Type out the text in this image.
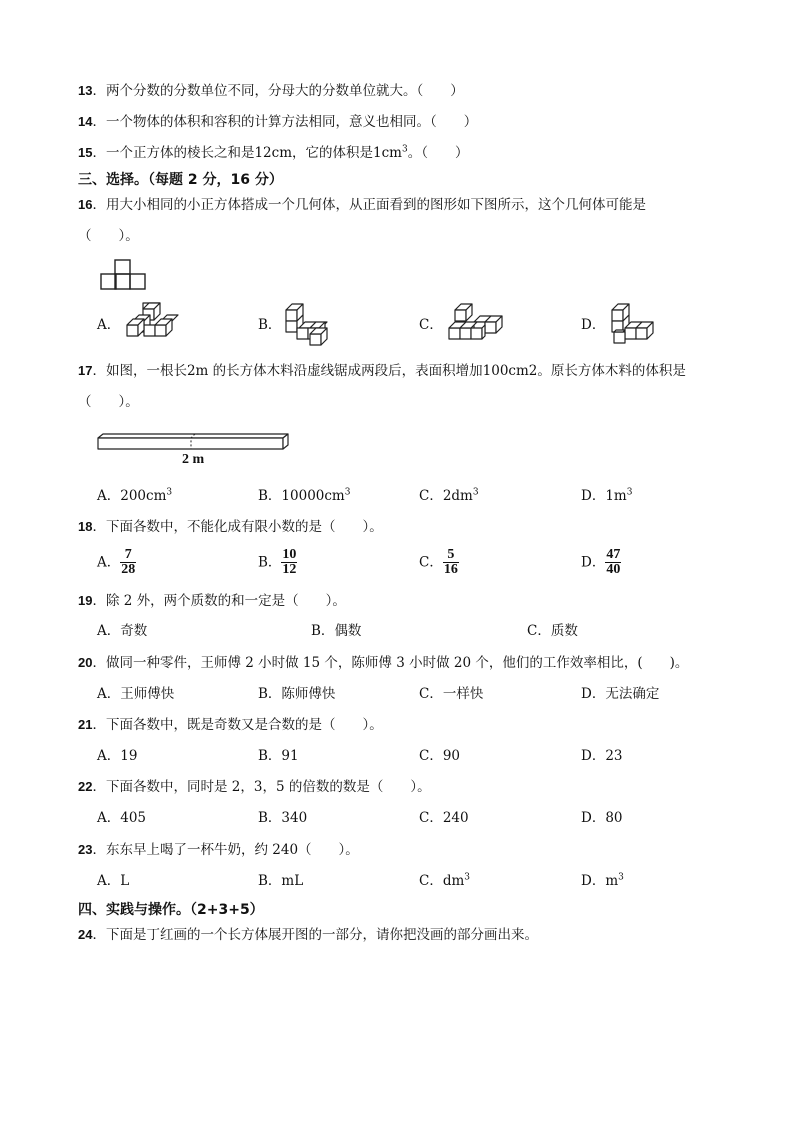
13．两个分数的分数单位不同，分母大的分数单位就大。（　　）
14．一个物体的体积和容积的计算方法相同，意义也相同。（　　）
15．一个正方体的棱长之和是12cm，它的体积是$1cm^3$。（　　）
三、选择。（每题 2 分，16 分）
16．用大小相同的小正方体搭成一个几何体，从正面看到的图形如下图所示，这个几何体可能是
（　　）。
A．	B．	C．	D．
17．如图，一根长2m 的长方体木料沿虚线锯成两段后，表面积增加100cm2。原长方体木料的体积是
（　　）。
2 m
A．$200cm^3$	B．$10000cm^3$	C．$2dm^3$	D．$1m^3$
18．下面各数中，不能化成有限小数的是（　　）。
A． $\frac{7}{28}$	B． $\frac{10}{12}$	C． $\frac{5}{16}$	D． $\frac{47}{40}$
19．除 2 外，两个质数的和一定是（　　）。
A．奇数	B．偶数	C．质数
20．做同一种零件，王师傅 2 小时做 15 个，陈师傅 3 小时做 20 个，他们的工作效率相比，(　　)。
A．王师傅快	B．陈师傅快	C．一样快	D．无法确定
21．下面各数中，既是奇数又是合数的是（　　）。
A．19	B．91	C．90	D．23
22．下面各数中，同时是 2，3，5 的倍数的数是（　　）。
A．405	B．340	C．240	D．80
23．东东早上喝了一杯牛奶，约 240（　　）。
A．L	B．mL	C．$dm^3$	D．$m^3$
四、实践与操作。（2+3+5）
24．下面是丁红画的一个长方体展开图的一部分，请你把没画的部分画出来。
